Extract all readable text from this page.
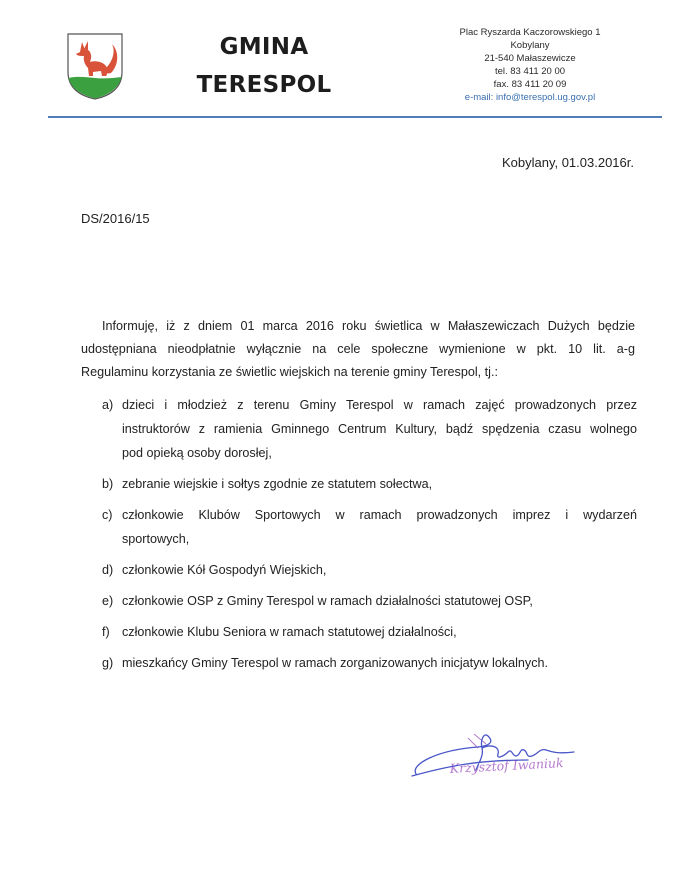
GMINA
TERESPOL
Plac Ryszarda Kaczorowskiego 1
Kobylany
21-540 Małaszewicze
tel. 83 411 20 00
fax. 83 411 20 09
e-mail: info@terespol.ug.gov.pl
Kobylany, 01.03.2016r.
DS/2016/15
Informuję, iż z dniem 01 marca 2016 roku świetlica w Małaszewiczach Dużych będzie
udostępniana nieodpłatnie wyłącznie na cele społeczne wymienione w pkt. 10 lit. a-g
Regulaminu korzystania ze świetlic wiejskich na terenie gminy Terespol, tj.:
a) dzieci i młodzież z terenu Gminy Terespol w ramach zajęć prowadzonych przez
instruktorów z ramienia Gminnego Centrum Kultury, bądź spędzenia czasu wolnego
pod opieką osoby dorosłej,
b) zebranie wiejskie i sołtys zgodnie ze statutem sołectwa,
c) członkowie Klubów Sportowych w ramach prowadzonych imprez i wydarzeń
sportowych,
d) członkowie Kół Gospodyń Wiejskich,
e) członkowie OSP z Gminy Terespol w ramach działalności statutowej OSP,
f) członkowie Klubu Seniora w ramach statutowej działalności,
g) mieszkańcy Gminy Terespol w ramach zorganizowanych inicjatyw lokalnych.
Krzysztof Iwaniuk
